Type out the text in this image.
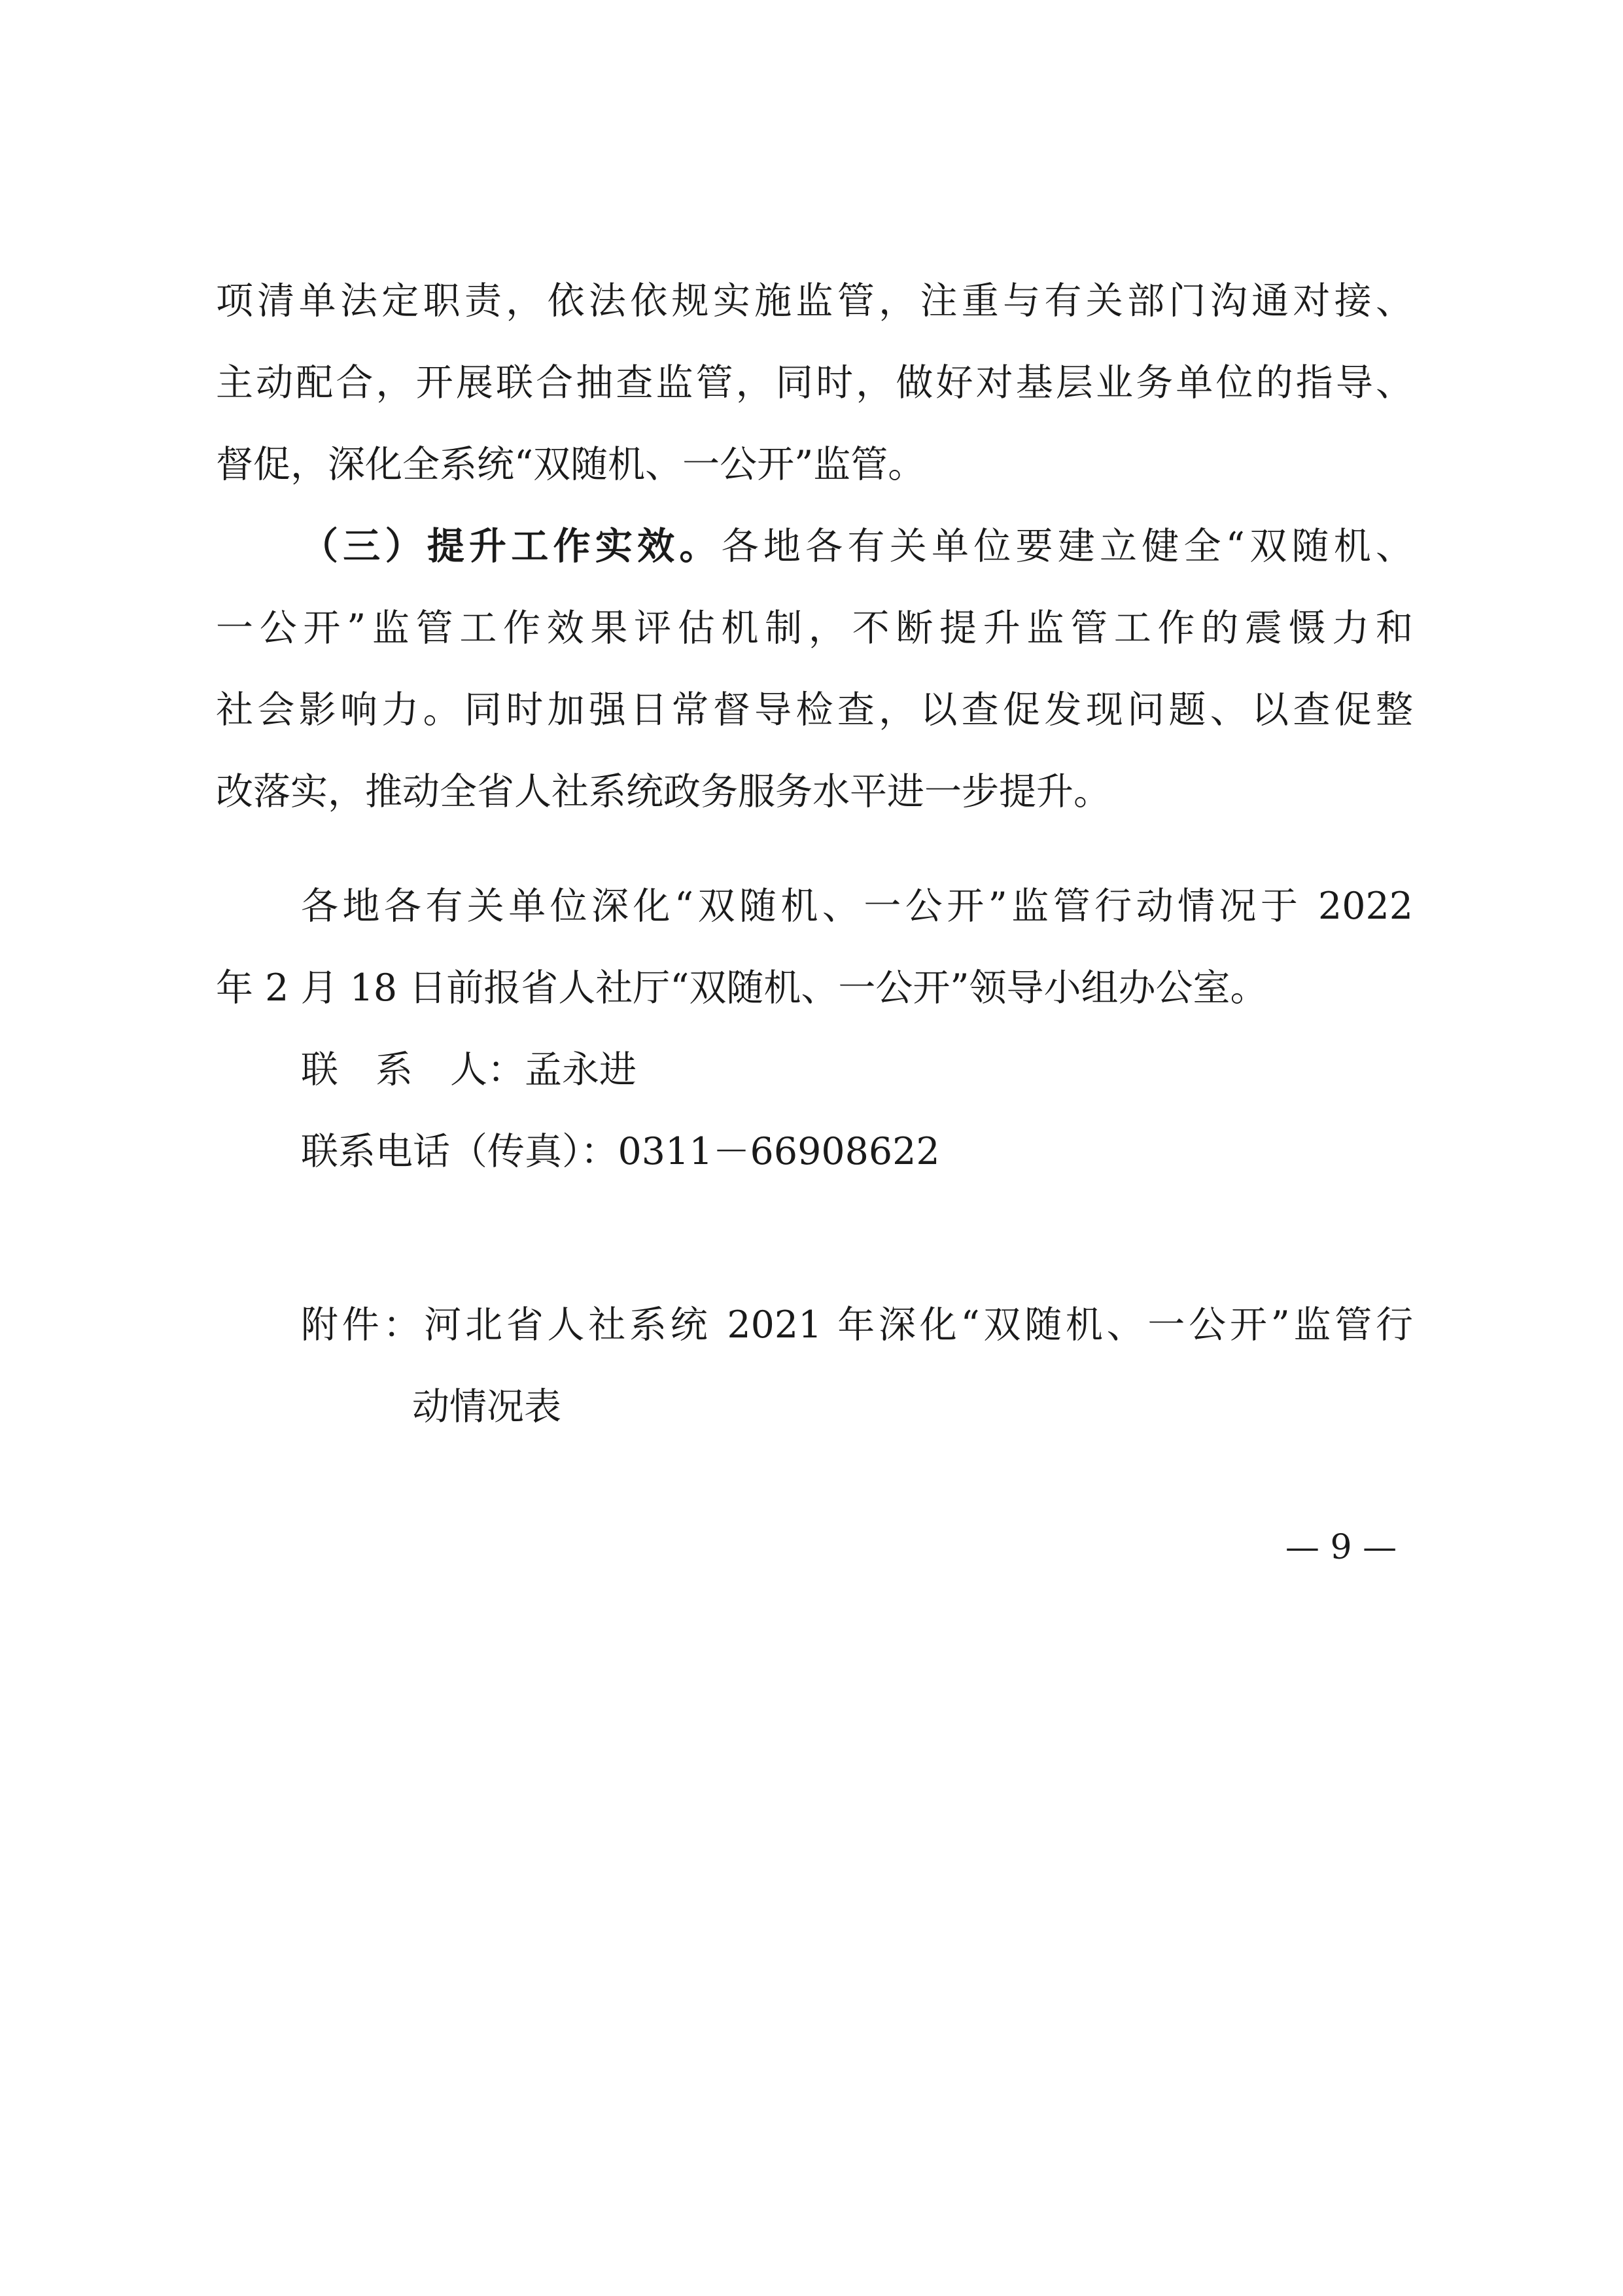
项清单法定职责，依法依规实施监管，注重与有关部门沟通对接、
主动配合，开展联合抽查监管，同时，做好对基层业务单位的指导、
督促，深化全系统“双随机、一公开”监管。
（三）提升工作实效。各地各有关单位要建立健全“双随机、
一公开”监管工作效果评估机制，不断提升监管工作的震慑力和
社会影响力。同时加强日常督导检查，以查促发现问题、以查促整
改落实，推动全省人社系统政务服务水平进一步提升。
各地各有关单位深化“双随机、一公开”监管行动情况于 2022
年 2 月 18 日前报省人社厅“双随机、一公开”领导小组办公室。
联　系　人：孟永进
联系电话（传真）：0311－66908622
附件：河北省人社系统 2021 年深化“双随机、一公开”监管行
动情况表
— 9 —
